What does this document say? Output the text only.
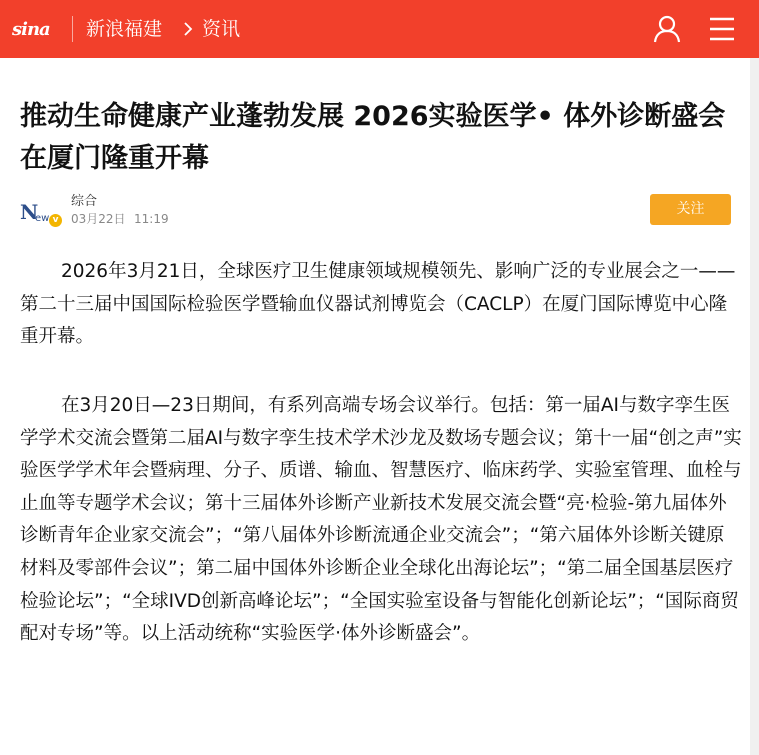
sina 新浪福建 资讯
推动生命健康产业蓬勃发展 2026实验医学• 体外诊断盛会在厦门隆重开幕
N
ew v
综合
03月22日 11:19
关注

2026年3月21日，全球医疗卫生健康领域规模领先、影响广泛的专业展会之一——第二十三届中国国际检验医学暨输血仪器试剂博览会（CACLP）在厦门国际博览中心隆重开幕。

在3月20日—23日期间，有系列高端专场会议举行。包括：第一届AI与数字孪生医学学术交流会暨第二届AI与数字孪生技术学术沙龙及数场专题会议；第十一届“创之声”实验医学学术年会暨病理、分子、质谱、输血、智慧医疗、临床药学、实验室管理、血栓与止血等专题学术会议；第十三届体外诊断产业新技术发展交流会暨“亮·检验-第九届体外诊断青年企业家交流会”；“第八届体外诊断流通企业交流会”；“第六届体外诊断关键原材料及零部件会议”；第二届中国体外诊断企业全球化出海论坛”；“第二届全国基层医疗检验论坛”；“全球IVD创新高峰论坛”；“全国实验室设备与智能化创新论坛”；“国际商贸配对专场”等。以上活动统称“实验医学·体外诊断盛会”。
